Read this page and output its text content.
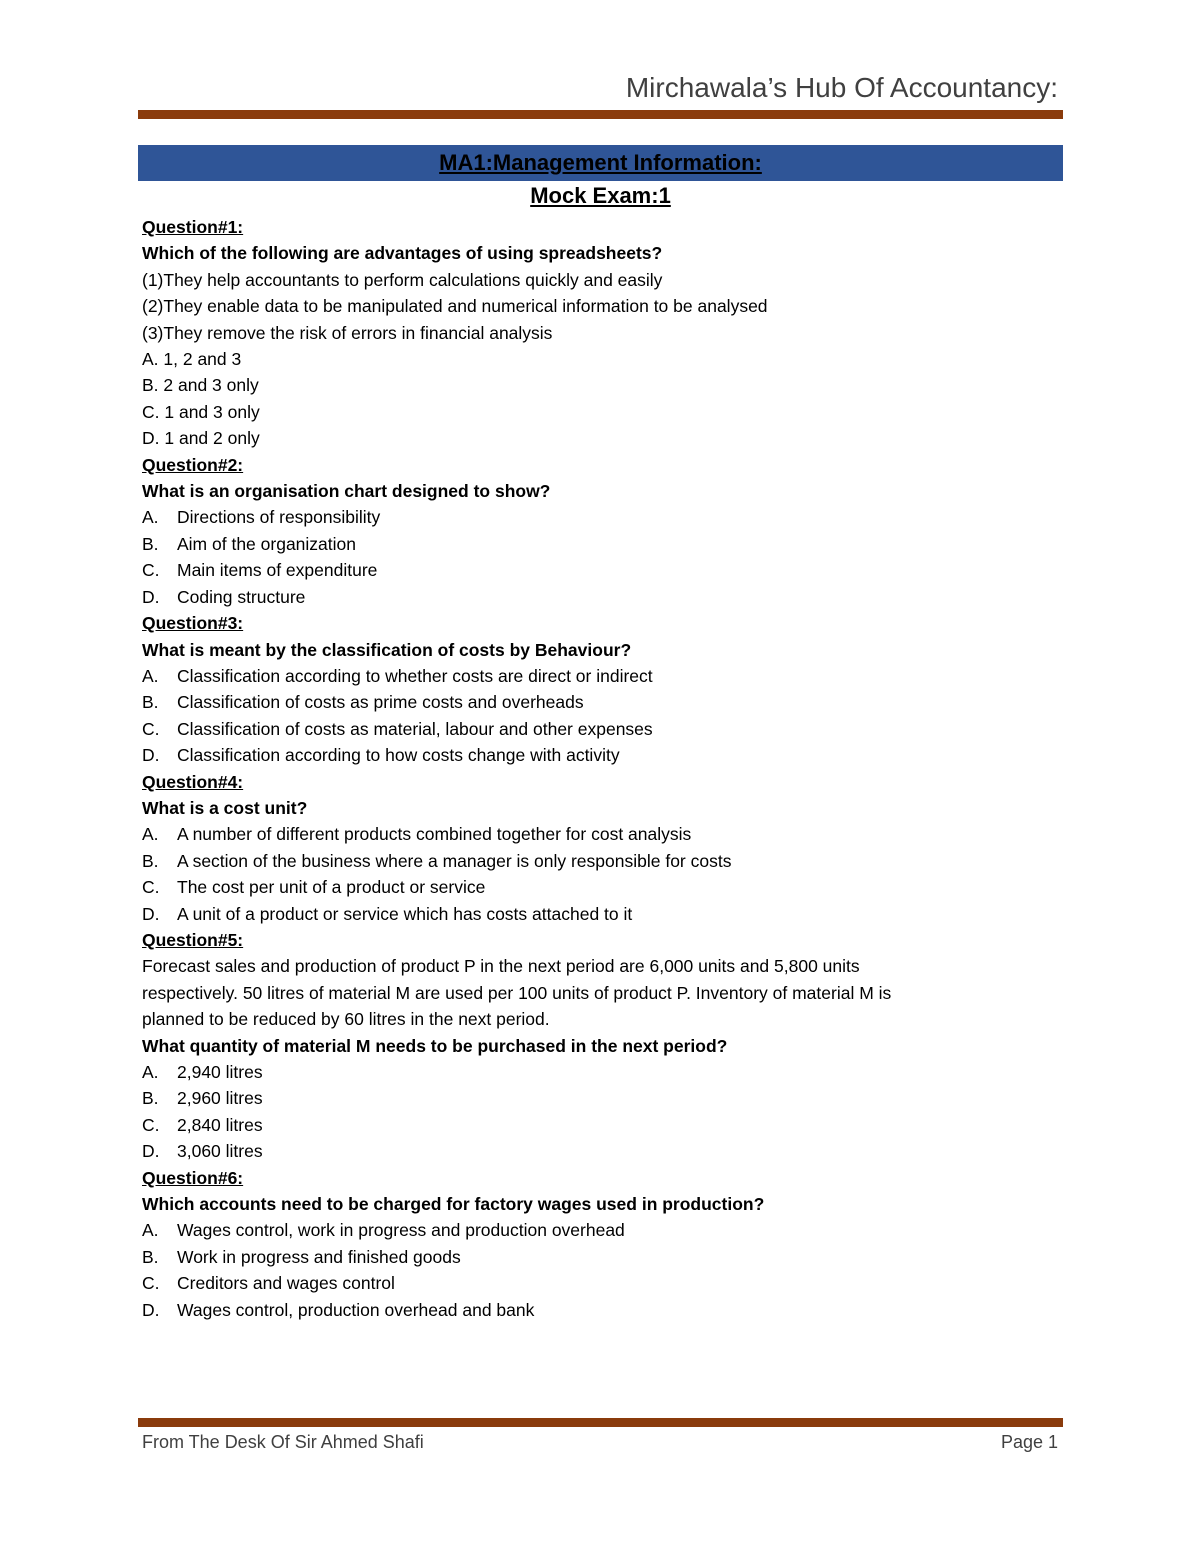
Mirchawala’s Hub Of Accountancy:
MA1:Management Information:
Mock Exam:1
Question#1:
Which of the following are advantages of using spreadsheets?
(1)They help accountants to perform calculations quickly and easily
(2)They enable data to be manipulated and numerical information to be analysed
(3)They remove the risk of errors in financial analysis
A. 1, 2 and 3
B. 2 and 3 only
C. 1 and 3 only
D. 1 and 2 only
Question#2:
What is an organisation chart designed to show?
A.	Directions of responsibility
B.	Aim of the organization
C.	Main items of expenditure
D.	Coding structure
Question#3:
What is meant by the classification of costs by Behaviour?
A.	Classification according to whether costs are direct or indirect
B.	Classification of costs as prime costs and overheads
C.	Classification of costs as material, labour and other expenses
D.	Classification according to how costs change with activity
Question#4:
What is a cost unit?
A.	A number of different products combined together for cost analysis
B.	A section of the business where a manager is only responsible for costs
C.	The cost per unit of a product or service
D.	A unit of a product or service which has costs attached to it
Question#5:
Forecast sales and production of product P in the next period are 6,000 units and 5,800 units
respectively. 50 litres of material M are used per 100 units of product P. Inventory of material M is
planned to be reduced by 60 litres in the next period.
What quantity of material M needs to be purchased in the next period?
A.	2,940 litres
B.	2,960 litres
C.	2,840 litres
D.	3,060 litres
Question#6:
Which accounts need to be charged for factory wages used in production?
A.	Wages control, work in progress and production overhead
B.	Work in progress and finished goods
C.	Creditors and wages control
D.	Wages control, production overhead and bank
From The Desk Of Sir Ahmed Shafi	Page 1
